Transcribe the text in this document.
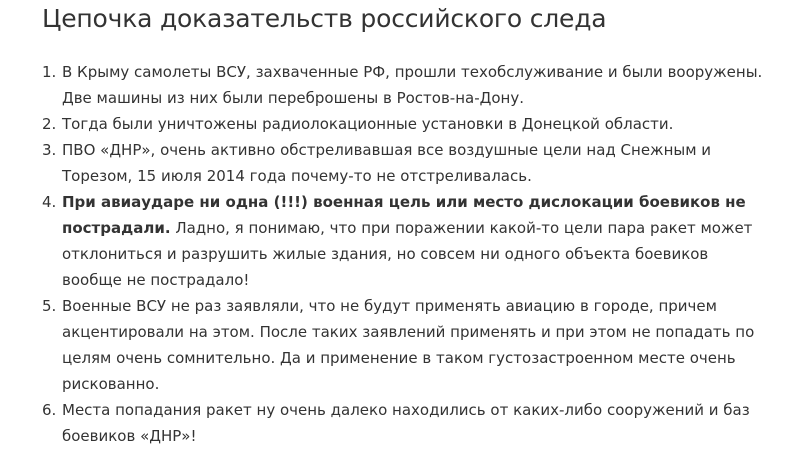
Цепочка доказательств российского следа
1. В Крыму самолеты ВСУ, захваченные РФ, прошли техобслуживание и были вооружены. Две машины из них были переброшены в Ростов-на-Дону.

2. Тогда были уничтожены радиолокационные установки в Донецкой области.

3. ПВО «ДНР», очень активно обстреливавшая все воздушные цели над Снежным и Торезом, 15 июля 2014 года почему-то не отстреливалась.

4. При авиаударе ни одна (!!!) военная цель или место дислокации боевиков не пострадали. Ладно, я понимаю, что при поражении какой-то цели пара ракет может отклониться и разрушить жилые здания, но совсем ни одного объекта боевиков вообще не пострадало!

5. Военные ВСУ не раз заявляли, что не будут применять авиацию в городе, причем акцентировали на этом. После таких заявлений применять и при этом не попадать по целям очень сомнительно. Да и применение в таком густозастроенном месте очень рискованно.

6. Места попадания ракет ну очень далеко находились от каких-либо сооружений и баз боевиков «ДНР»!
